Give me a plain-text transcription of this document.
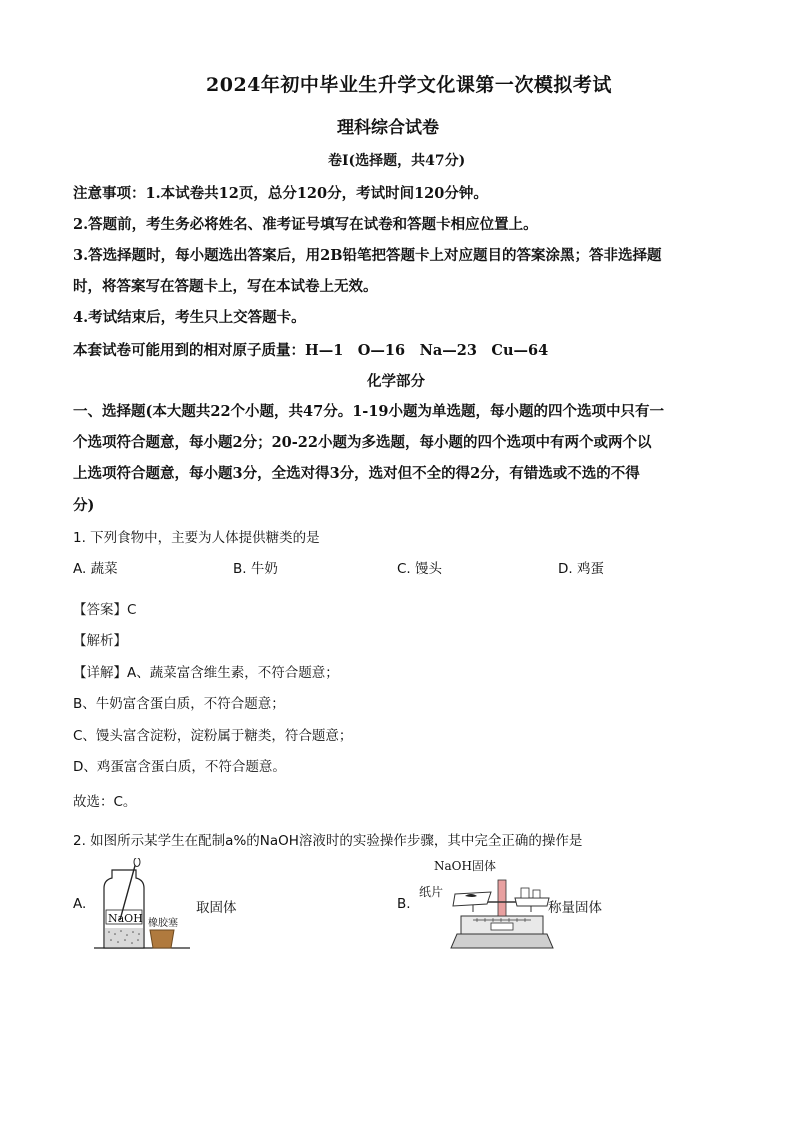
2024年初中毕业生升学文化课第一次模拟考试
理科综合试卷
卷Ⅰ(选择题，共47分)
注意事项：1.本试卷共12页，总分120分，考试时间120分钟。
2.答题前，考生务必将姓名、准考证号填写在试卷和答题卡相应位置上。
3.答选择题时，每小题选出答案后，用2B铅笔把答题卡上对应题目的答案涂黑；答非选择题
时，将答案写在答题卡上，写在本试卷上无效。
4.考试结束后，考生只上交答题卡。
本套试卷可能用到的相对原子质量：H—1　O—16　Na—23　Cu—64
化学部分
一、选择题(本大题共22个小题，共47分。1-19小题为单选题，每小题的四个选项中只有一
个选项符合题意，每小题2分；20-22小题为多选题，每小题的四个选项中有两个或两个以
上选项符合题意，每小题3分，全选对得3分，选对但不全的得2分，有错选或不选的不得
分)
1. 下列食物中，主要为人体提供糖类的是
A. 蔬菜	B. 牛奶	C. 馒头	D. 鸡蛋
【答案】C
【解析】
【详解】A、蔬菜富含维生素，不符合题意；
B、牛奶富含蛋白质，不符合题意；
C、馒头富含淀粉，淀粉属于糖类，符合题意；
D、鸡蛋富含蛋白质，不符合题意。
故选：C。
2. 如图所示某学生在配制a%的NaOH溶液时的实验操作步骤，其中完全正确的操作是
A.
NaOH 橡胶塞
取固体	B.
NaOH固体
纸片
称量固体
